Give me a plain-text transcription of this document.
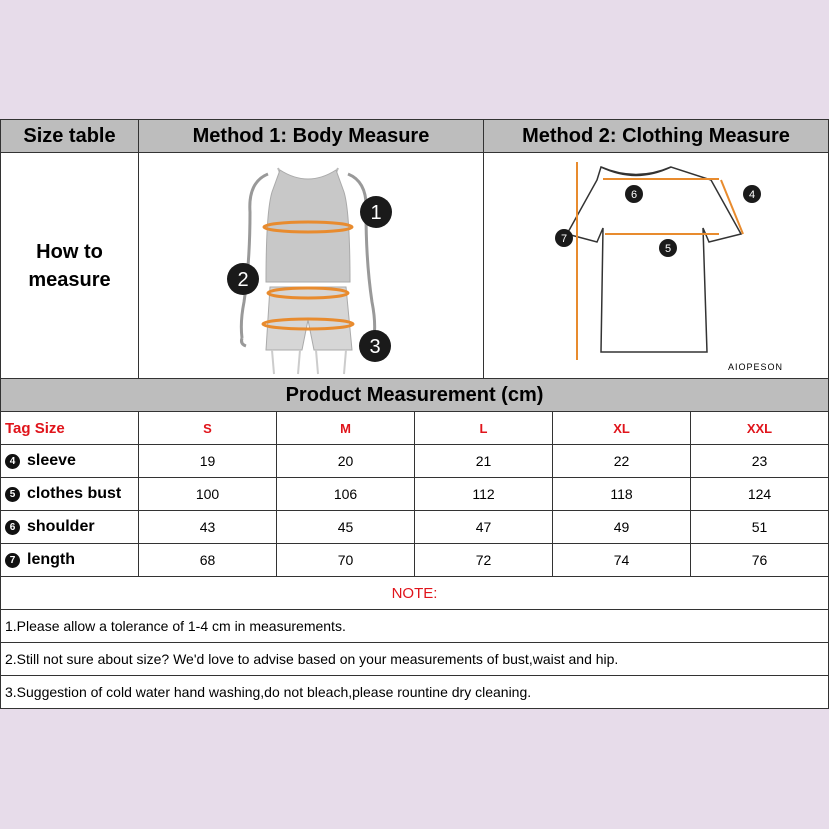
Size table	Method 1: Body Measure	Method 2: Clothing Measure
How to
measure
1
2
3
6	4
7
5
AIOPESON
Product Measurement (cm)
Tag Size	S	M	L	XL	XXL
4 sleeve	19	20	21	22	23
5 clothes bust	100	106	112	118	124
6 shoulder	43	45	47	49	51
7 length	68	70	72	74	76
NOTE:
1.Please allow a tolerance of 1-4 cm in measurements.
2.Still not sure about size? We'd love to advise based on your measurements of bust,waist and hip.
3.Suggestion of cold water hand washing,do not bleach,please rountine dry cleaning.
